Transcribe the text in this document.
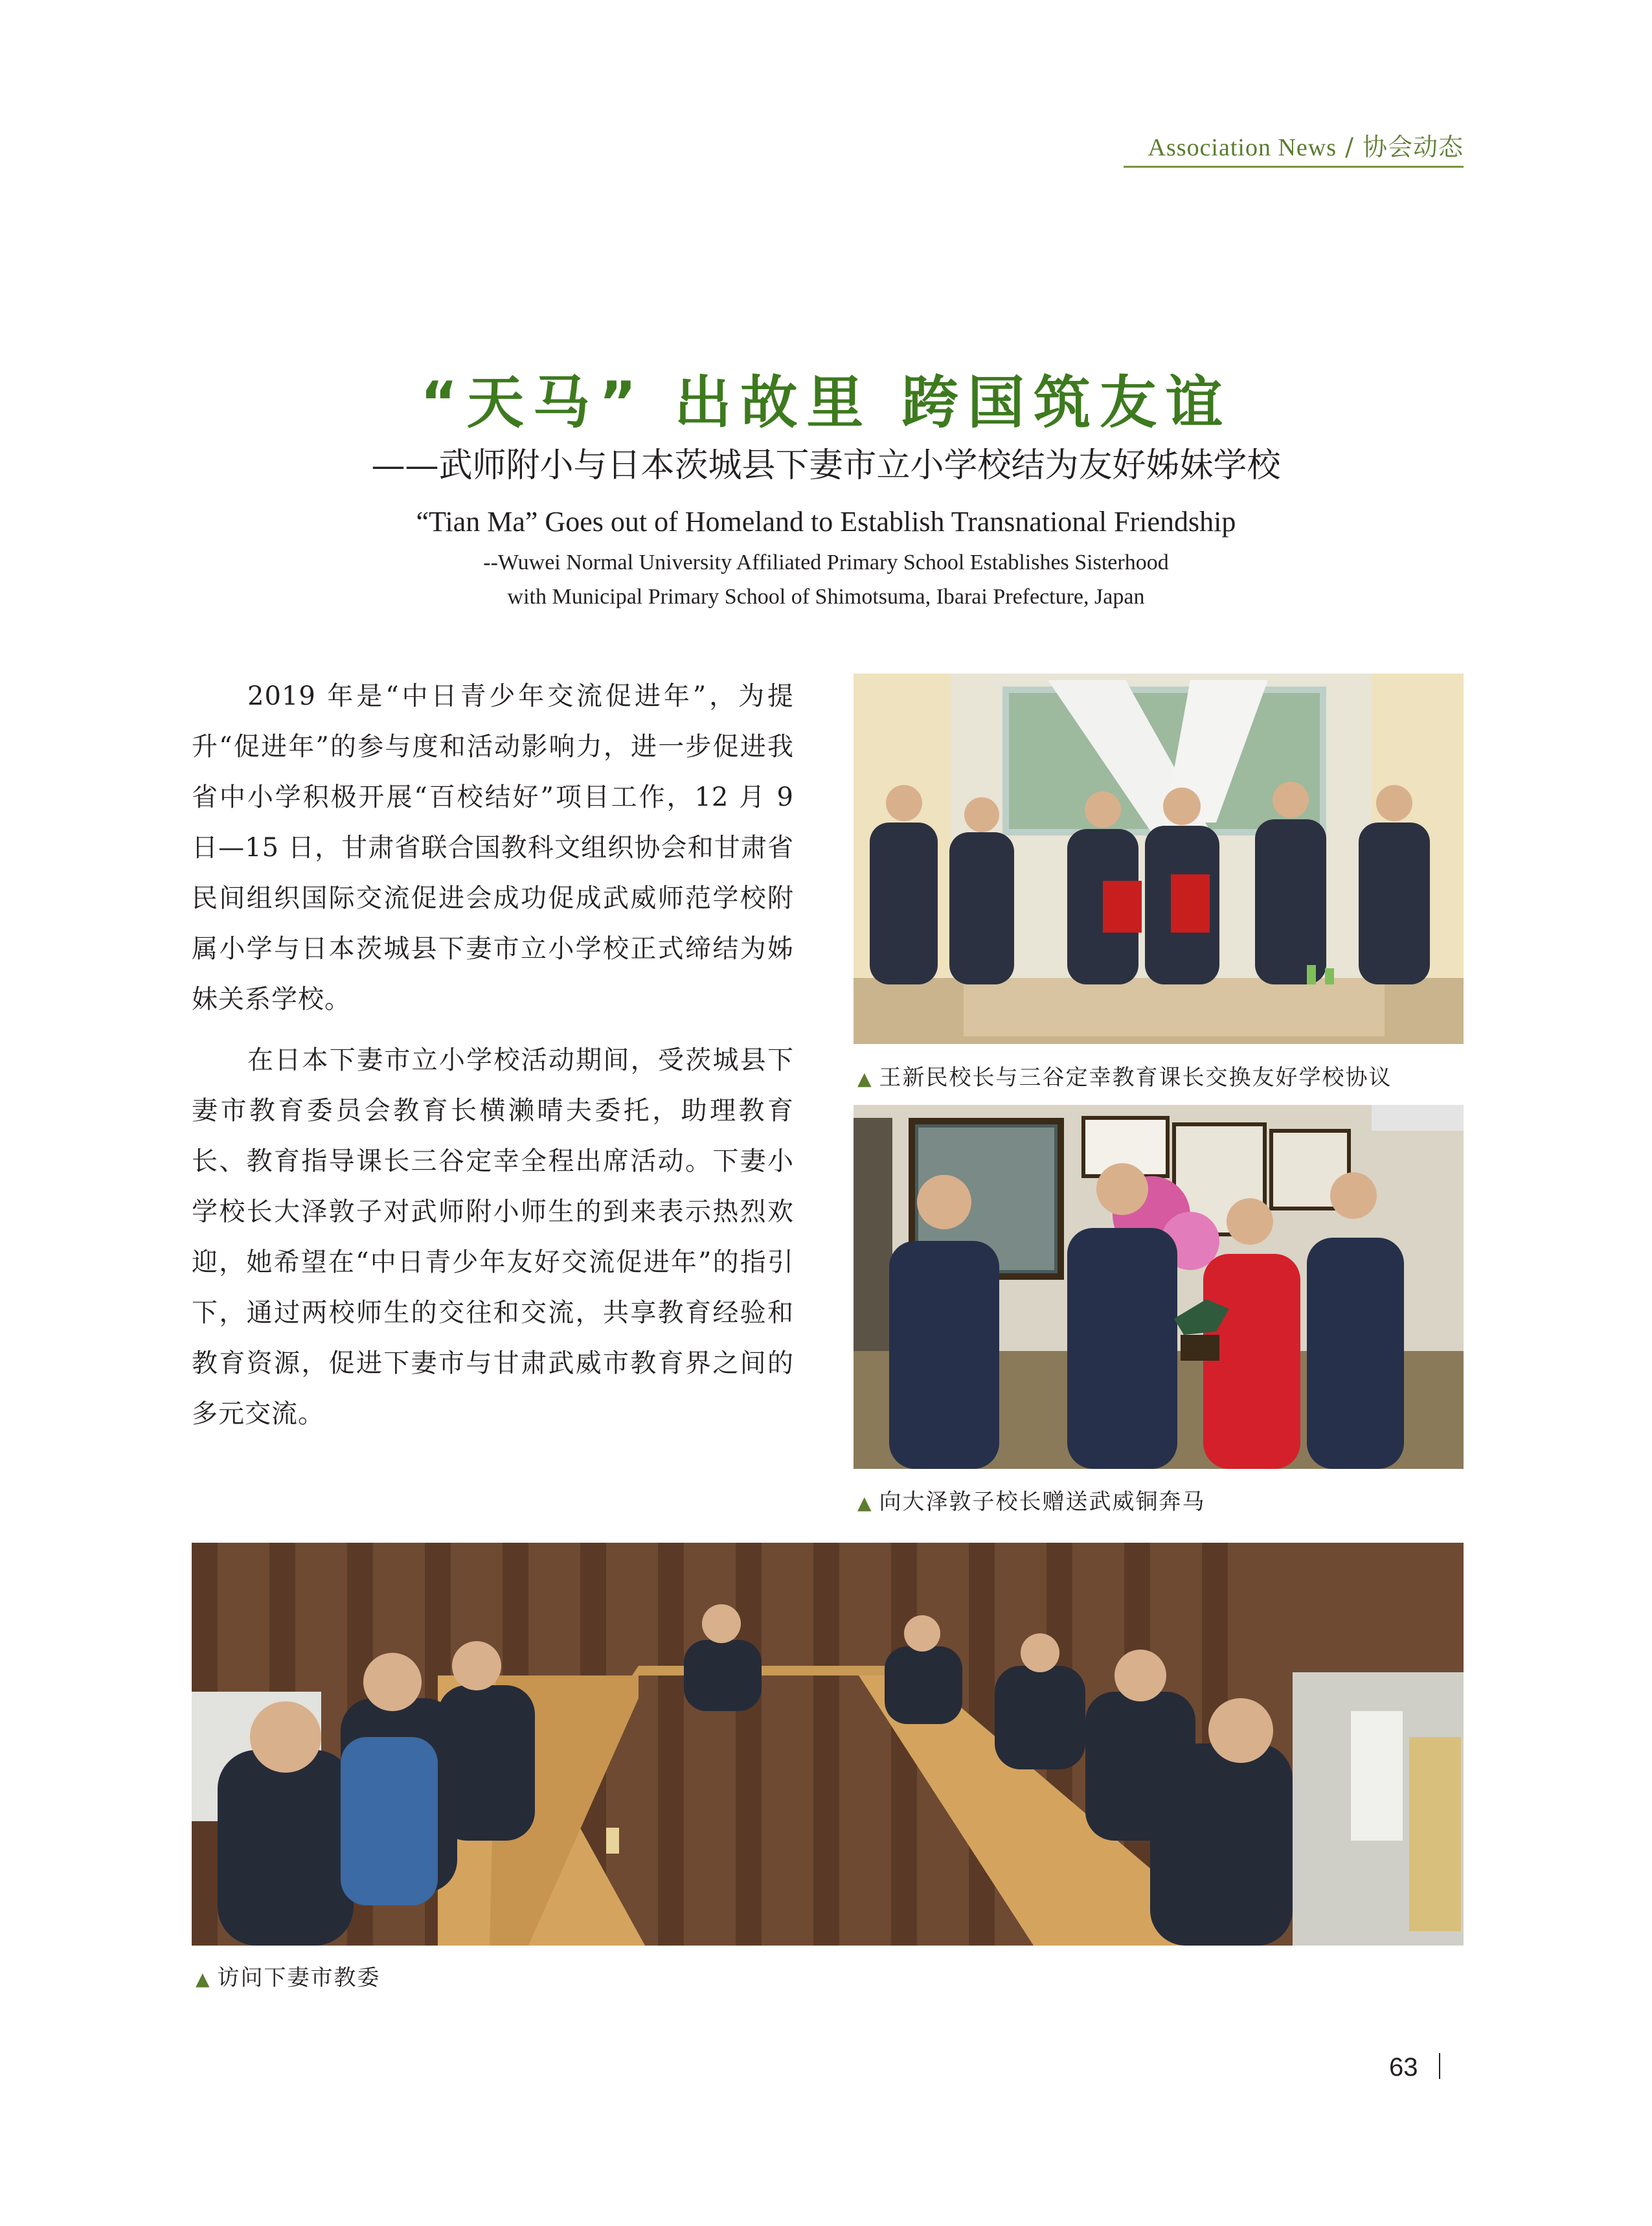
Association News / 协会动态
“天马” 出故里 跨国筑友谊
——武师附小与日本茨城县下妻市立小学校结为友好姊妹学校
“Tian Ma” Goes out of Homeland to Establish Transnational Friendship
--Wuwei Normal University Affiliated Primary School Establishes Sisterhood
with Municipal Primary School of Shimotsuma, Ibarai Prefecture, Japan

2019 年是“中日青少年交流促进年”，为提升“促进年”的参与度和活动影响力，进一步促进我省中小学积极开展“百校结好”项目工作，12 月 9 日—15 日，甘肃省联合国教科文组织协会和甘肃省民间组织国际交流促进会成功促成武威师范学校附属小学与日本茨城县下妻市立小学校正式缔结为姊妹关系学校。

在日本下妻市立小学校活动期间，受茨城县下妻市教育委员会教育长横濑晴夫委托，助理教育长、教育指导课长三谷定幸全程出席活动。下妻小学校长大泽敦子对武师附小师生的到来表示热烈欢迎，她希望在“中日青少年友好交流促进年”的指引下，通过两校师生的交往和交流，共享教育经验和教育资源，促进下妻市与甘肃武威市教育界之间的多元交流。

▲ 王新民校长与三谷定幸教育课长交换友好学校协议
▲ 向大泽敦子校长赠送武威铜奔马
▲ 访问下妻市教委
63
